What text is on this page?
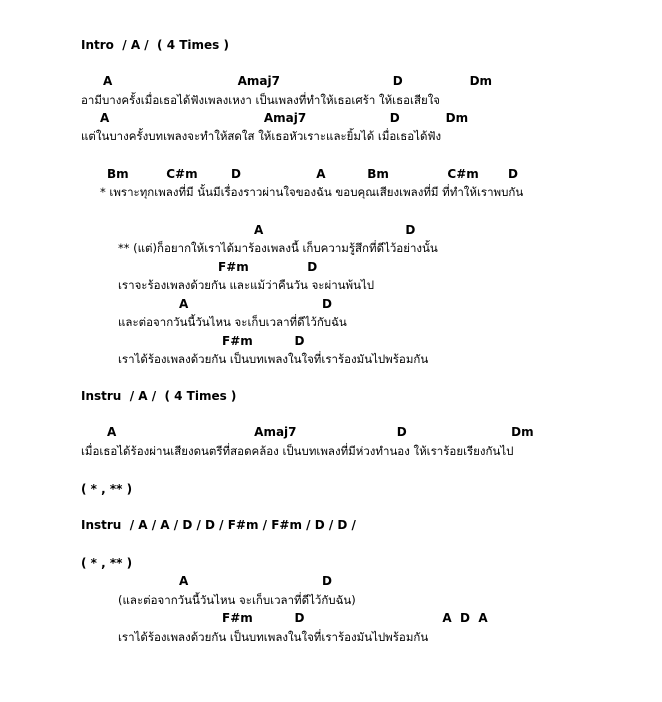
Intro  / A /  ( 4 Times )
A                              Amaj7                           D                Dm
อามีบางครั้งเมื่อเธอได้ฟังเพลงเหงา เป็นเพลงที่ทำให้เธอเศร้า ให้เธอเสียใจ
A                                     Amaj7                    D           Dm
แต่ในบางครั้งบทเพลงจะทำให้สดใส ให้เธอหัวเราะและยิ้มได้ เมื่อเธอได้ฟัง
Bm         C#m        D                  A          Bm              C#m       D
* เพราะทุกเพลงที่มี นั้นมีเรื่องราวผ่านใจของฉัน ขอบคุณเสียงเพลงที่มี ที่ทำให้เราพบกัน
A                                  D
** (แต่)ก็อยากให้เราได้มาร้องเพลงนี้ เก็บความรู้สึกที่ดีไว้อย่างนั้น
F#m              D
เราจะร้องเพลงด้วยกัน และแม้ว่าคืนวัน จะผ่านพ้นไป
A                                D
และต่อจากวันนี้วันไหน จะเก็บเวลาที่ดีไว้กับฉัน
F#m          D
เราได้ร้องเพลงด้วยกัน เป็นบทเพลงในใจที่เราร้องมันไปพร้อมกัน
Instru  / A /  ( 4 Times )
A                                 Amaj7                        D                         Dm
เมื่อเธอได้ร้องผ่านเสียงดนตรีที่สอดคล้อง เป็นบทเพลงที่มีห่วงทำนอง ให้เราร้อยเรียงกันไป
( * , ** )
Instru  / A / A / D / D / F#m / F#m / D / D /
( * , ** )
A                                D
(และต่อจากวันนี้วันไหน จะเก็บเวลาที่ดีไว้กับฉัน)
F#m          D                                 A  D  A
เราได้ร้องเพลงด้วยกัน เป็นบทเพลงในใจที่เราร้องมันไปพร้อมกัน
